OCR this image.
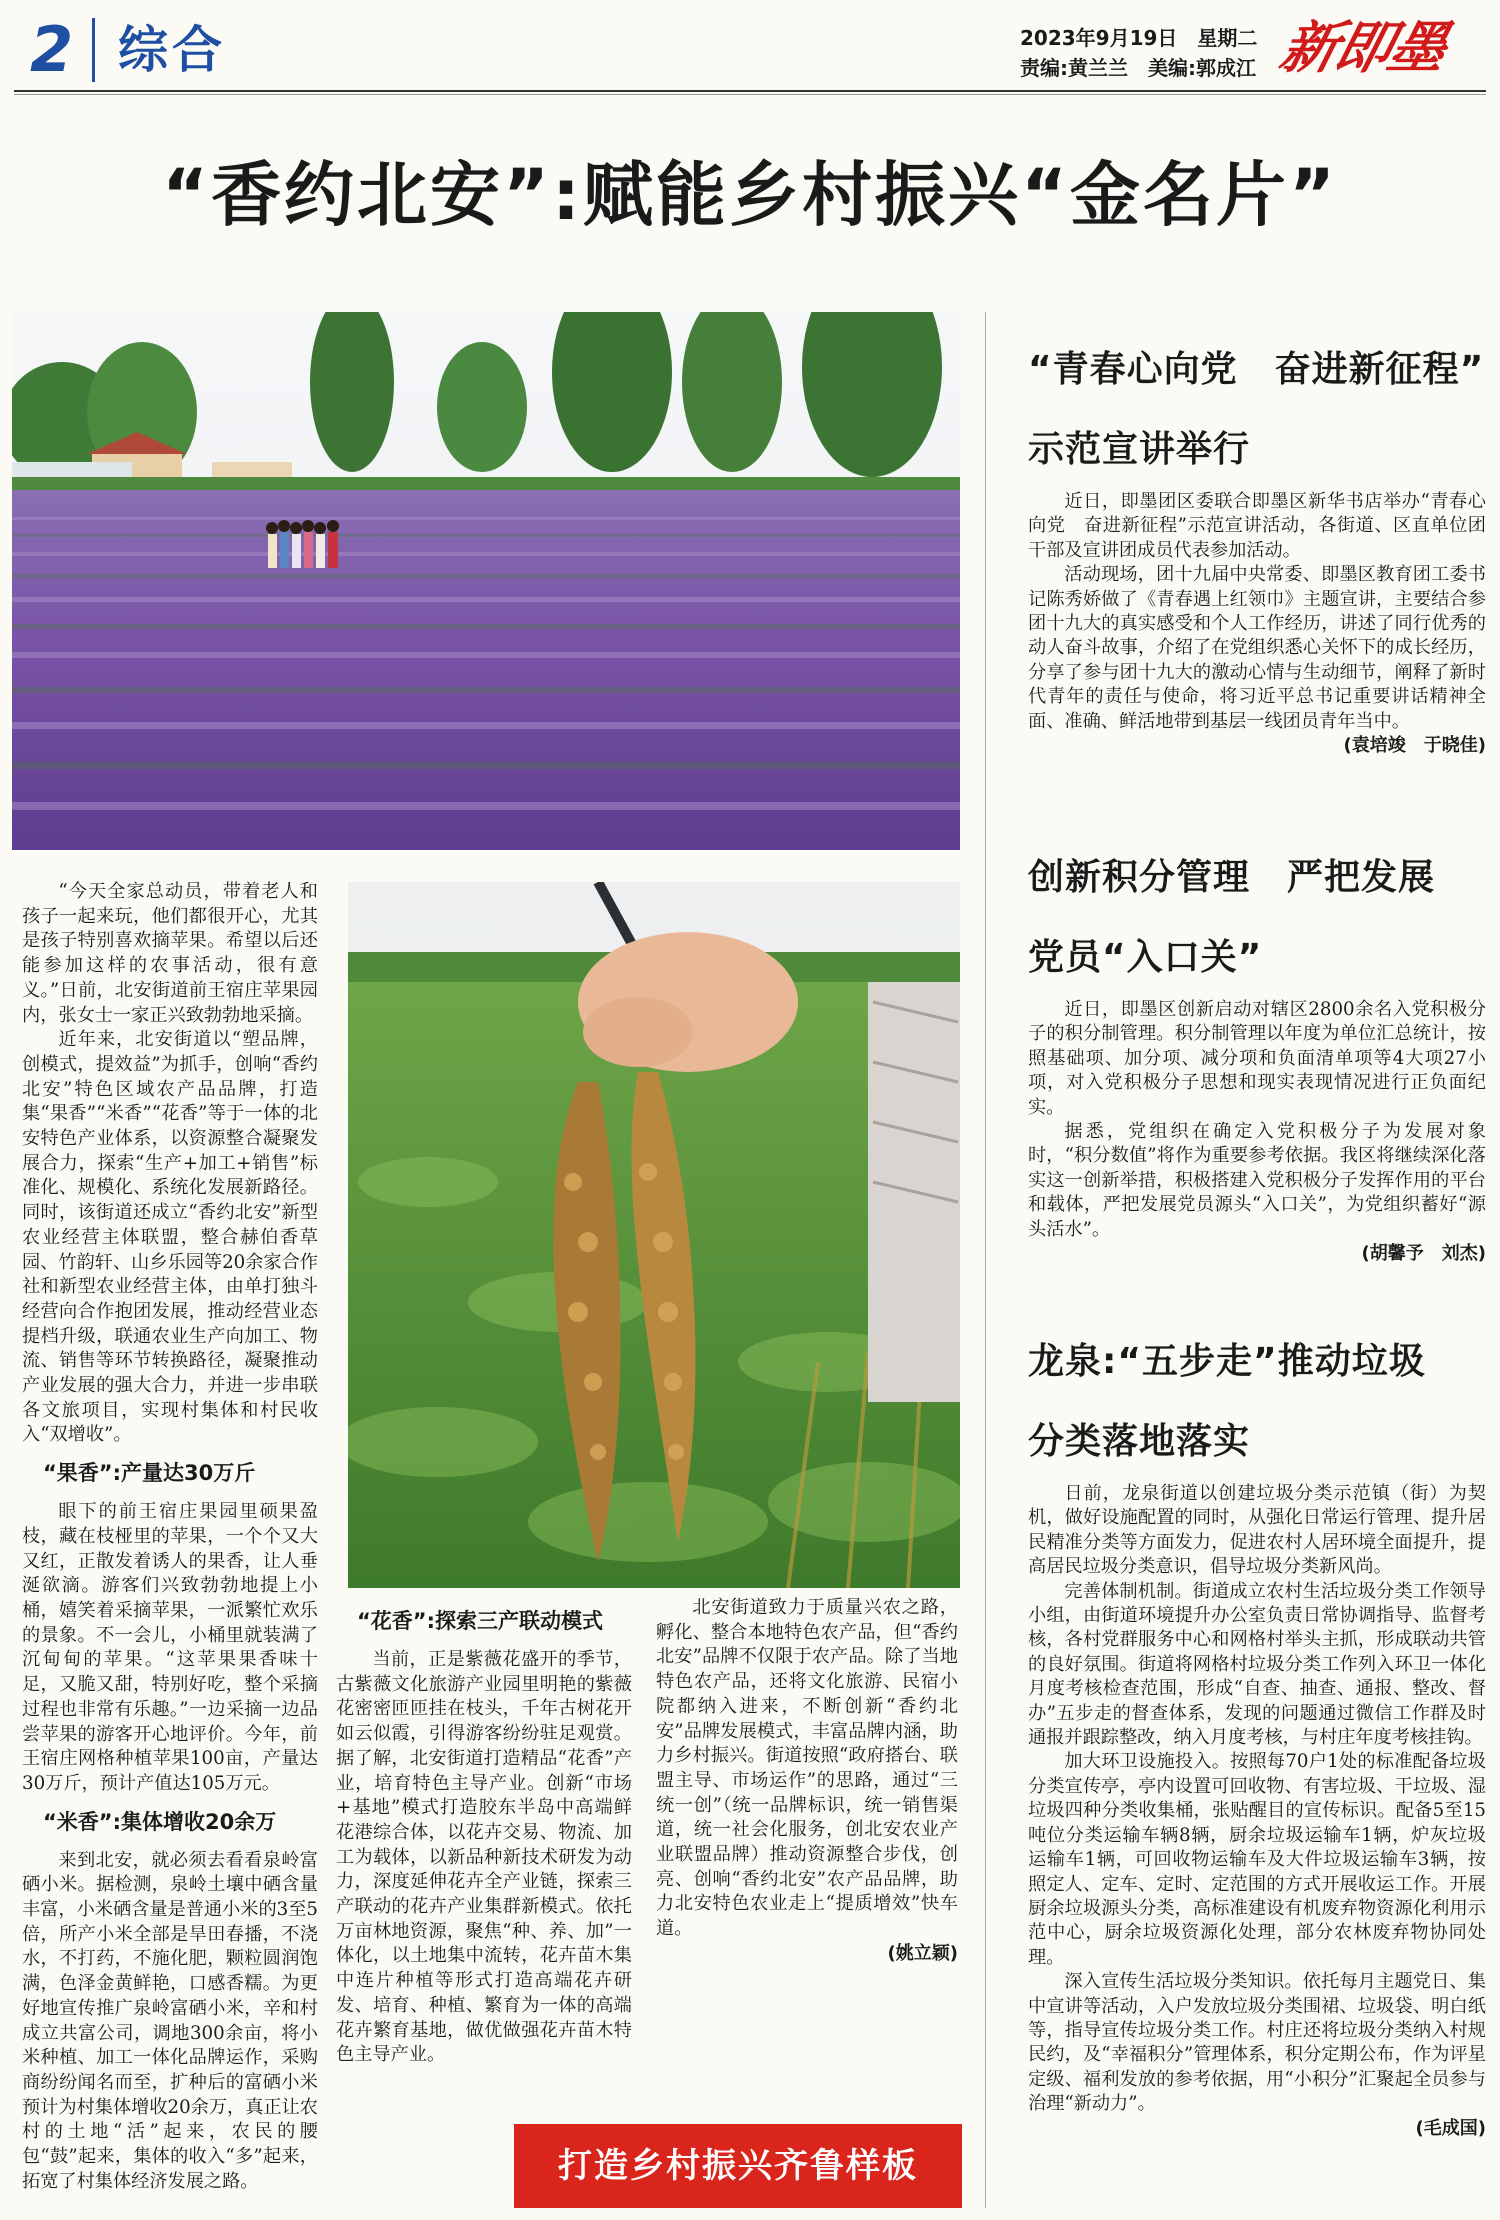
2 综合	2023年9月19日　星期二
责编:黄兰兰　美编:郭成江 新即墨
“香约北安”:赋能乡村振兴“金名片”

“今天全家总动员，带着老人和孩子一起来玩，他们都很开心，尤其是孩子特别喜欢摘苹果。希望以后还能参加这样的农事活动，很有意义。”日前，北安街道前王宿庄苹果园内，张女士一家正兴致勃勃地采摘。

近年来，北安街道以“塑品牌，创模式，提效益”为抓手，创响“香约北安”特色区域农产品品牌，打造集“果香”“米香”“花香”等于一体的北安特色产业体系，以资源整合凝聚发展合力，探索“生产+加工+销售”标准化、规模化、系统化发展新路径。同时，该街道还成立“香约北安”新型农业经营主体联盟，整合赫伯香草园、竹韵轩、山乡乐园等20余家合作社和新型农业经营主体，由单打独斗经营向合作抱团发展，推动经营业态提档升级，联通农业生产向加工、物流、销售等环节转换路径，凝聚推动产业发展的强大合力，并进一步串联各文旅项目，实现村集体和村民收入“双增收”。

“果香”:产量达30万斤

眼下的前王宿庄果园里硕果盈枝，藏在枝桠里的苹果，一个个又大又红，正散发着诱人的果香，让人垂涎欲滴。游客们兴致勃勃地提上小桶，嬉笑着采摘苹果，一派繁忙欢乐的景象。不一会儿，小桶里就装满了沉甸甸的苹果。“这苹果果香味十足，又脆又甜，特别好吃，整个采摘过程也非常有乐趣。”一边采摘一边品尝苹果的游客开心地评价。今年，前王宿庄网格种植苹果100亩，产量达30万斤，预计产值达105万元。

“米香”:集体增收20余万

来到北安，就必须去看看泉岭富硒小米。据检测，泉岭土壤中硒含量丰富，小米硒含量是普通小米的3至5倍，所产小米全部是旱田春播，不浇水，不打药，不施化肥，颗粒圆润饱满，色泽金黄鲜艳，口感香糯。为更好地宣传推广泉岭富硒小米，辛和村成立共富公司，调地300余亩，将小米种植、加工一体化品牌运作，采购商纷纷闻名而至，扩种后的富硒小米预计为村集体增收20余万，真正让农村的土地“活”起来，农民的腰包“鼓”起来，集体的收入“多”起来，拓宽了村集体经济发展之路。

“花香”:探索三产联动模式

当前，正是紫薇花盛开的季节，古紫薇文化旅游产业园里明艳的紫薇花密密匝匝挂在枝头，千年古树花开如云似霞，引得游客纷纷驻足观赏。据了解，北安街道打造精品“花香”产业，培育特色主导产业。创新“市场+基地”模式打造胶东半岛中高端鲜花港综合体，以花卉交易、物流、加工为载体，以新品种新技术研发为动力，深度延伸花卉全产业链，探索三产联动的花卉产业集群新模式。依托万亩林地资源，聚焦“种、养、加”一体化，以土地集中流转，花卉苗木集中连片种植等形式打造高端花卉研发、培育、种植、繁育为一体的高端花卉繁育基地，做优做强花卉苗木特色主导产业。

北安街道致力于质量兴农之路，孵化、整合本地特色农产品，但“香约北安”品牌不仅限于农产品。除了当地特色农产品，还将文化旅游、民宿小院都纳入进来，不断创新“香约北安”品牌发展模式，丰富品牌内涵，助力乡村振兴。街道按照“政府搭台、联盟主导、市场运作”的思路，通过“三统一创”（统一品牌标识，统一销售渠道，统一社会化服务，创北安农业产业联盟品牌）推动资源整合步伐，创亮、创响“香约北安”农产品品牌，助力北安特色农业走上“提质增效”快车道。

(姚立颖)
“青春心向党　奋进新征程”
示范宣讲举行

近日，即墨团区委联合即墨区新华书店举办“青春心向党　奋进新征程”示范宣讲活动，各街道、区直单位团干部及宣讲团成员代表参加活动。

活动现场，团十九届中央常委、即墨区教育团工委书记陈秀娇做了《青春遇上红领巾》主题宣讲，主要结合参团十九大的真实感受和个人工作经历，讲述了同行优秀的动人奋斗故事，介绍了在党组织悉心关怀下的成长经历，分享了参与团十九大的激动心情与生动细节，阐释了新时代青年的责任与使命，将习近平总书记重要讲话精神全面、准确、鲜活地带到基层一线团员青年当中。

(袁培竣　于晓佳)
创新积分管理　严把发展
党员“入口关”

近日，即墨区创新启动对辖区2800余名入党积极分子的积分制管理。积分制管理以年度为单位汇总统计，按照基础项、加分项、减分项和负面清单项等4大项27小项，对入党积极分子思想和现实表现情况进行正负面纪实。

据悉，党组织在确定入党积极分子为发展对象时，“积分数值”将作为重要参考依据。我区将继续深化落实这一创新举措，积极搭建入党积极分子发挥作用的平台和载体，严把发展党员源头“入口关”，为党组织蓄好“源头活水”。

(胡馨予　刘杰)
龙泉:“五步走”推动垃圾
分类落地落实

日前，龙泉街道以创建垃圾分类示范镇（街）为契机，做好设施配置的同时，从强化日常运行管理、提升居民精准分类等方面发力，促进农村人居环境全面提升，提高居民垃圾分类意识，倡导垃圾分类新风尚。

完善体制机制。街道成立农村生活垃圾分类工作领导小组，由街道环境提升办公室负责日常协调指导、监督考核，各村党群服务中心和网格村举头主抓，形成联动共管的良好氛围。街道将网格村垃圾分类工作列入环卫一体化月度考核检查范围，形成“自查、抽查、通报、整改、督办”五步走的督查体系，发现的问题通过微信工作群及时通报并跟踪整改，纳入月度考核，与村庄年度考核挂钩。

加大环卫设施投入。按照每70户1处的标准配备垃圾分类宣传亭，亭内设置可回收物、有害垃圾、干垃圾、湿垃圾四种分类收集桶，张贴醒目的宣传标识。配备5至15吨位分类运输车辆8辆，厨余垃圾运输车1辆，炉灰垃圾运输车1辆，可回收物运输车及大件垃圾运输车3辆，按照定人、定车、定时、定范围的方式开展收运工作。开展厨余垃圾源头分类，高标准建设有机废弃物资源化利用示范中心，厨余垃圾资源化处理，部分农林废弃物协同处理。

深入宣传生活垃圾分类知识。依托每月主题党日、集中宣讲等活动，入户发放垃圾分类围裙、垃圾袋、明白纸等，指导宣传垃圾分类工作。村庄还将垃圾分类纳入村规民约，及“幸福积分”管理体系，积分定期公布，作为评星定级、福利发放的参考依据，用“小积分”汇聚起全员参与治理“新动力”。

(毛成国)
打造乡村振兴齐鲁样板
